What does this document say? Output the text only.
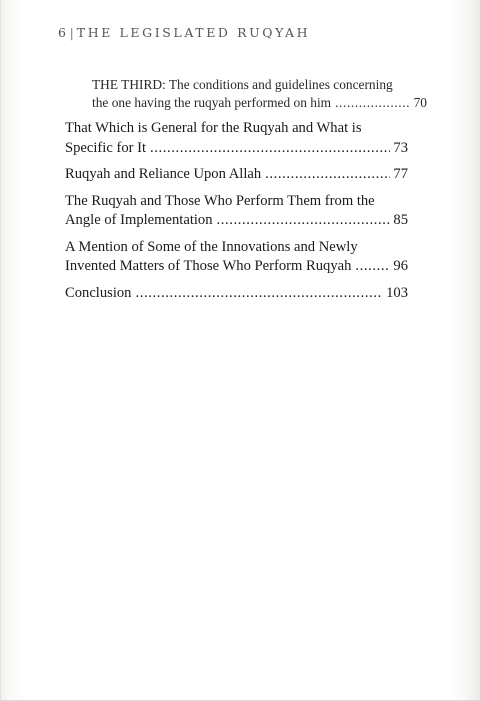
6| THE LEGISLATED RUQYAH
THE THIRD: The conditions and guidelines concerning
the one having the ruqyah performed on him .....	70
That Which is General for the Ruqyah and What is
Specific for It .....	73
Ruqyah and Reliance Upon Allah .....	77
The Ruqyah and Those Who Perform Them from the
Angle of Implementation .....	85
A Mention of Some of the Innovations and Newly
Invented Matters of Those Who Perform Ruqyah .....	96
Conclusion .....	103
